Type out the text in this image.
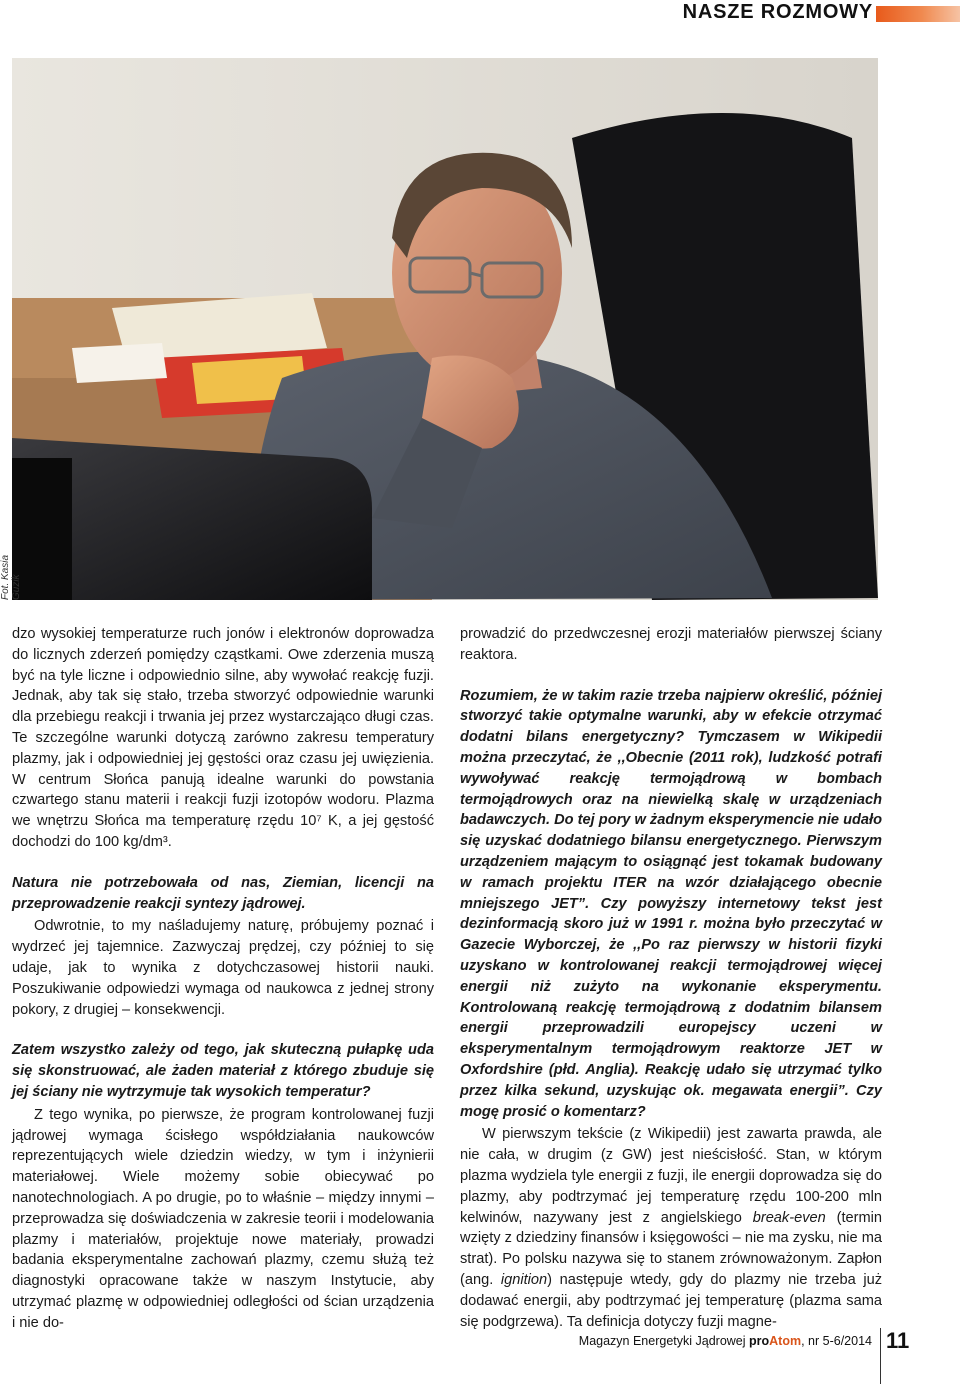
NASZE ROZMOWY
Fot. Kasia Guzik

dzo wysokiej temperaturze ruch jonów i elektronów doprowadza do licznych zderzeń pomiędzy cząstkami. Owe zderzenia muszą być na tyle liczne i odpowiednio silne, aby wywołać reakcję fuzji. Jednak, aby tak się stało, trzeba stworzyć odpowiednie warunki dla przebiegu reakcji i trwania jej przez wystarczająco długi czas. Te szczególne warunki dotyczą zarówno zakresu temperatury plazmy, jak i odpowiedniej jej gęstości oraz czasu jej uwięzienia. W centrum Słońca panują idealne warunki do powstania czwartego stanu materii i reakcji fuzji izotopów wodoru. Plazma we wnętrzu Słońca ma temperaturę rzędu 10⁷ K, a jej gęstość dochodzi do 100 kg/dm³.

Natura nie potrzebowała od nas, Ziemian, licencji na przeprowadzenie reakcji syntezy jądrowej.

Odwrotnie, to my naśladujemy naturę, próbujemy poznać i wydrzeć jej tajemnice. Zazwyczaj prędzej, czy później to się udaje, jak to wynika z dotychczasowej historii nauki. Poszukiwanie odpowiedzi wymaga od naukowca z jednej strony pokory, z drugiej – konsekwencji.

Zatem wszystko zależy od tego, jak skuteczną pułapkę uda się skonstruować, ale żaden materiał z którego zbuduje się jej ściany nie wytrzymuje tak wysokich temperatur?

Z tego wynika, po pierwsze, że program kontrolowanej fuzji jądrowej wymaga ścisłego współdziałania naukowców reprezentujących wiele dziedzin wiedzy, w tym i inżynierii materiałowej. Wiele możemy sobie obiecywać po nanotechnologiach. A po drugie, po to właśnie – między innymi – przeprowadza się doświadczenia w zakresie teorii i modelowania plazmy i materiałów, projektuje nowe materiały, prowadzi badania eksperymentalne zachowań plazmy, czemu służą też diagnostyki opracowane także w naszym Instytucie, aby utrzymać plazmę w odpowiedniej odległości od ścian urządzenia i nie do-

prowadzić do przedwczesnej erozji materiałów pierwszej ściany reaktora.

Rozumiem, że w takim razie trzeba najpierw określić, później stworzyć takie optymalne warunki, aby w efekcie otrzymać dodatni bilans energetyczny? Tymczasem w Wikipedii można przeczytać, że ,,Obecnie (2011 rok), ludzkość potrafi wywoływać reakcję termojądrową w bombach termojądrowych oraz na niewielką skalę w urządzeniach badawczych. Do tej pory w żadnym eksperymencie nie udało się uzyskać dodatniego bilansu energetycznego. Pierwszym urządzeniem mającym to osiągnąć jest tokamak budowany w ramach projektu ITER na wzór działającego obecnie mniejszego JET”. Czy powyższy internetowy tekst jest dezinformacją skoro już w 1991 r. można było przeczytać w Gazecie Wyborczej, że ,,Po raz pierwszy w historii fizyki uzyskano w kontrolowanej reakcji termojądrowej więcej energii niż zużyto na wykonanie eksperymentu. Kontrolowaną reakcję termojądrową z dodatnim bilansem energii przeprowadzili europejscy uczeni w eksperymentalnym termojądrowym reaktorze JET w Oxfordshire (płd. Anglia). Reakcję udało się utrzymać tylko przez kilka sekund, uzyskując ok. megawata energii”. Czy mogę prosić o komentarz?

W pierwszym tekście (z Wikipedii) jest zawarta prawda, ale nie cała, w drugim (z GW) jest nieścisłość. Stan, w którym plazma wydziela tyle energii z fuzji, ile energii doprowadza się do plazmy, aby podtrzymać jej temperaturę rzędu 100-200 mln kelwinów, nazywany jest z angielskiego break-even (termin wzięty z dziedziny finansów i księgowości – nie ma zysku, nie ma strat). Po polsku nazywa się to stanem zrównoważonym. Zapłon (ang. ignition) następuje wtedy, gdy do plazmy nie trzeba już dodawać energii, aby podtrzymać jej temperaturę (plazma sama się podgrzewa). Ta definicja dotyczy fuzji magne-

Magazyn Energetyki Jądrowej proAtom, nr 5-6/2014 11
